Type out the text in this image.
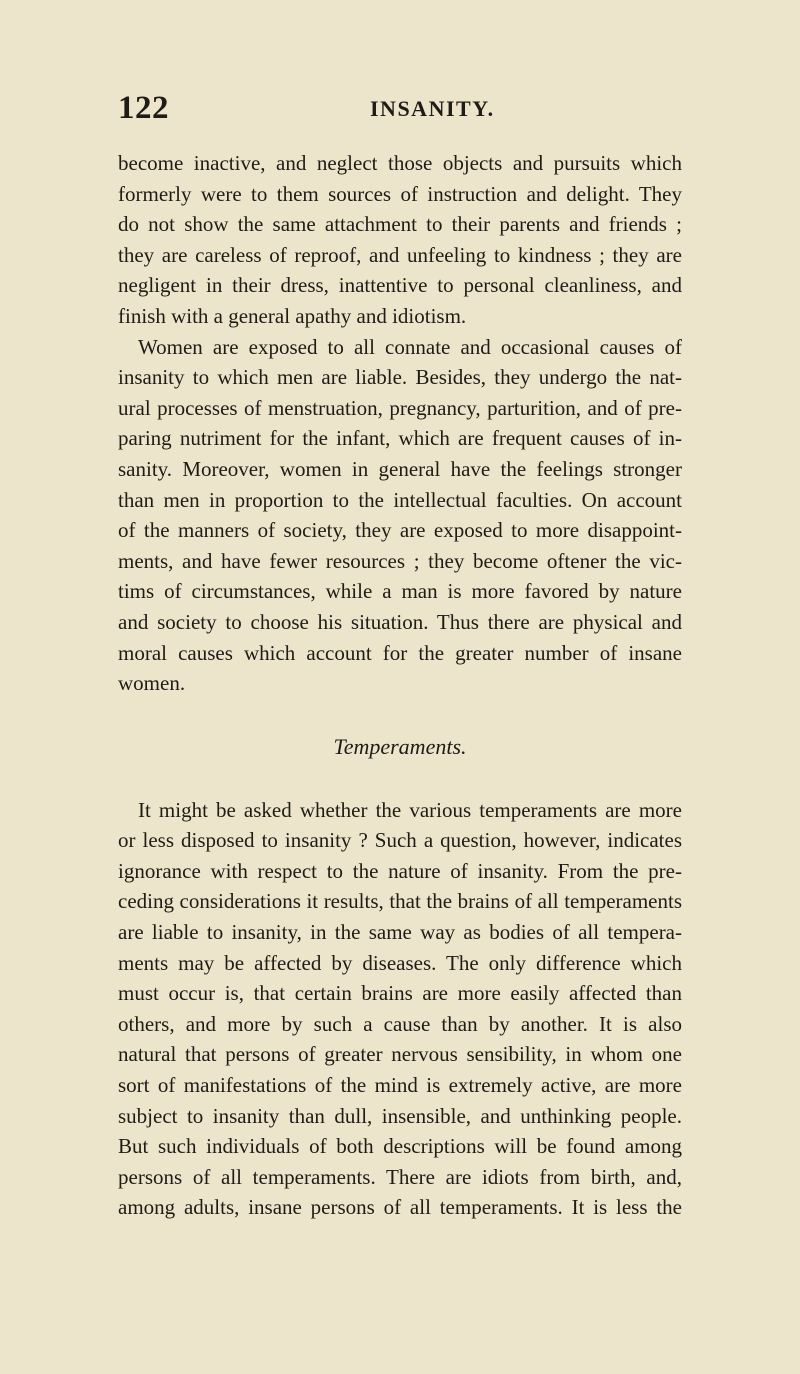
122	INSANITY.
become inactive, and neglect those objects and pursuits which
formerly were to them sources of instruction and delight. They
do not show the same attachment to their parents and friends ;
they are careless of reproof, and unfeeling to kindness ; they are
negligent in their dress, inattentive to personal cleanliness, and
finish with a general apathy and idiotism.
Women are exposed to all connate and occasional causes of
insanity to which men are liable. Besides, they undergo the nat-
ural processes of menstruation, pregnancy, parturition, and of pre-
paring nutriment for the infant, which are frequent causes of in-
sanity. Moreover, women in general have the feelings stronger
than men in proportion to the intellectual faculties. On account
of the manners of society, they are exposed to more disappoint-
ments, and have fewer resources ; they become oftener the vic-
tims of circumstances, while a man is more favored by nature
and society to choose his situation. Thus there are physical and
moral causes which account for the greater number of insane
women.
Temperaments.
It might be asked whether the various temperaments are more
or less disposed to insanity ? Such a question, however, indicates
ignorance with respect to the nature of insanity. From the pre-
ceding considerations it results, that the brains of all temperaments
are liable to insanity, in the same way as bodies of all tempera-
ments may be affected by diseases. The only difference which
must occur is, that certain brains are more easily affected than
others, and more by such a cause than by another. It is also
natural that persons of greater nervous sensibility, in whom one
sort of manifestations of the mind is extremely active, are more
subject to insanity than dull, insensible, and unthinking people.
But such individuals of both descriptions will be found among
persons of all temperaments. There are idiots from birth, and,
among adults, insane persons of all temperaments. It is less the
